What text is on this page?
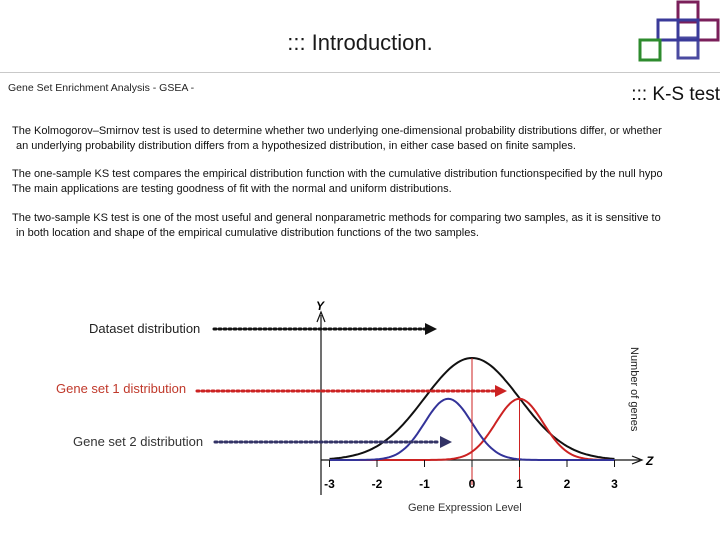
::: Introduction.
Gene Set Enrichment Analysis - GSEA -	::: K-S test
The Kolmogorov–Smirnov test is used to determine whether two underlying one-dimensional probability distributions differ, or whether
an underlying probability distribution differs from a hypothesized distribution, in either case based on finite samples.
The one-sample KS test compares the empirical distribution function with the cumulative distribution functionspecified by the null hypo
The main applications are testing goodness of fit with the normal and uniform distributions.
The two-sample KS test is one of the most useful and general nonparametric methods for comparing two samples, as it is sensitive to
in both location and shape of the empirical cumulative distribution functions of the two samples.
Y
Z
-3	-2	-1	0	1	2	3
Dataset distribution
Gene set 1 distribution
Gene set 2 distribution
Number of genes
Gene Expression Level
